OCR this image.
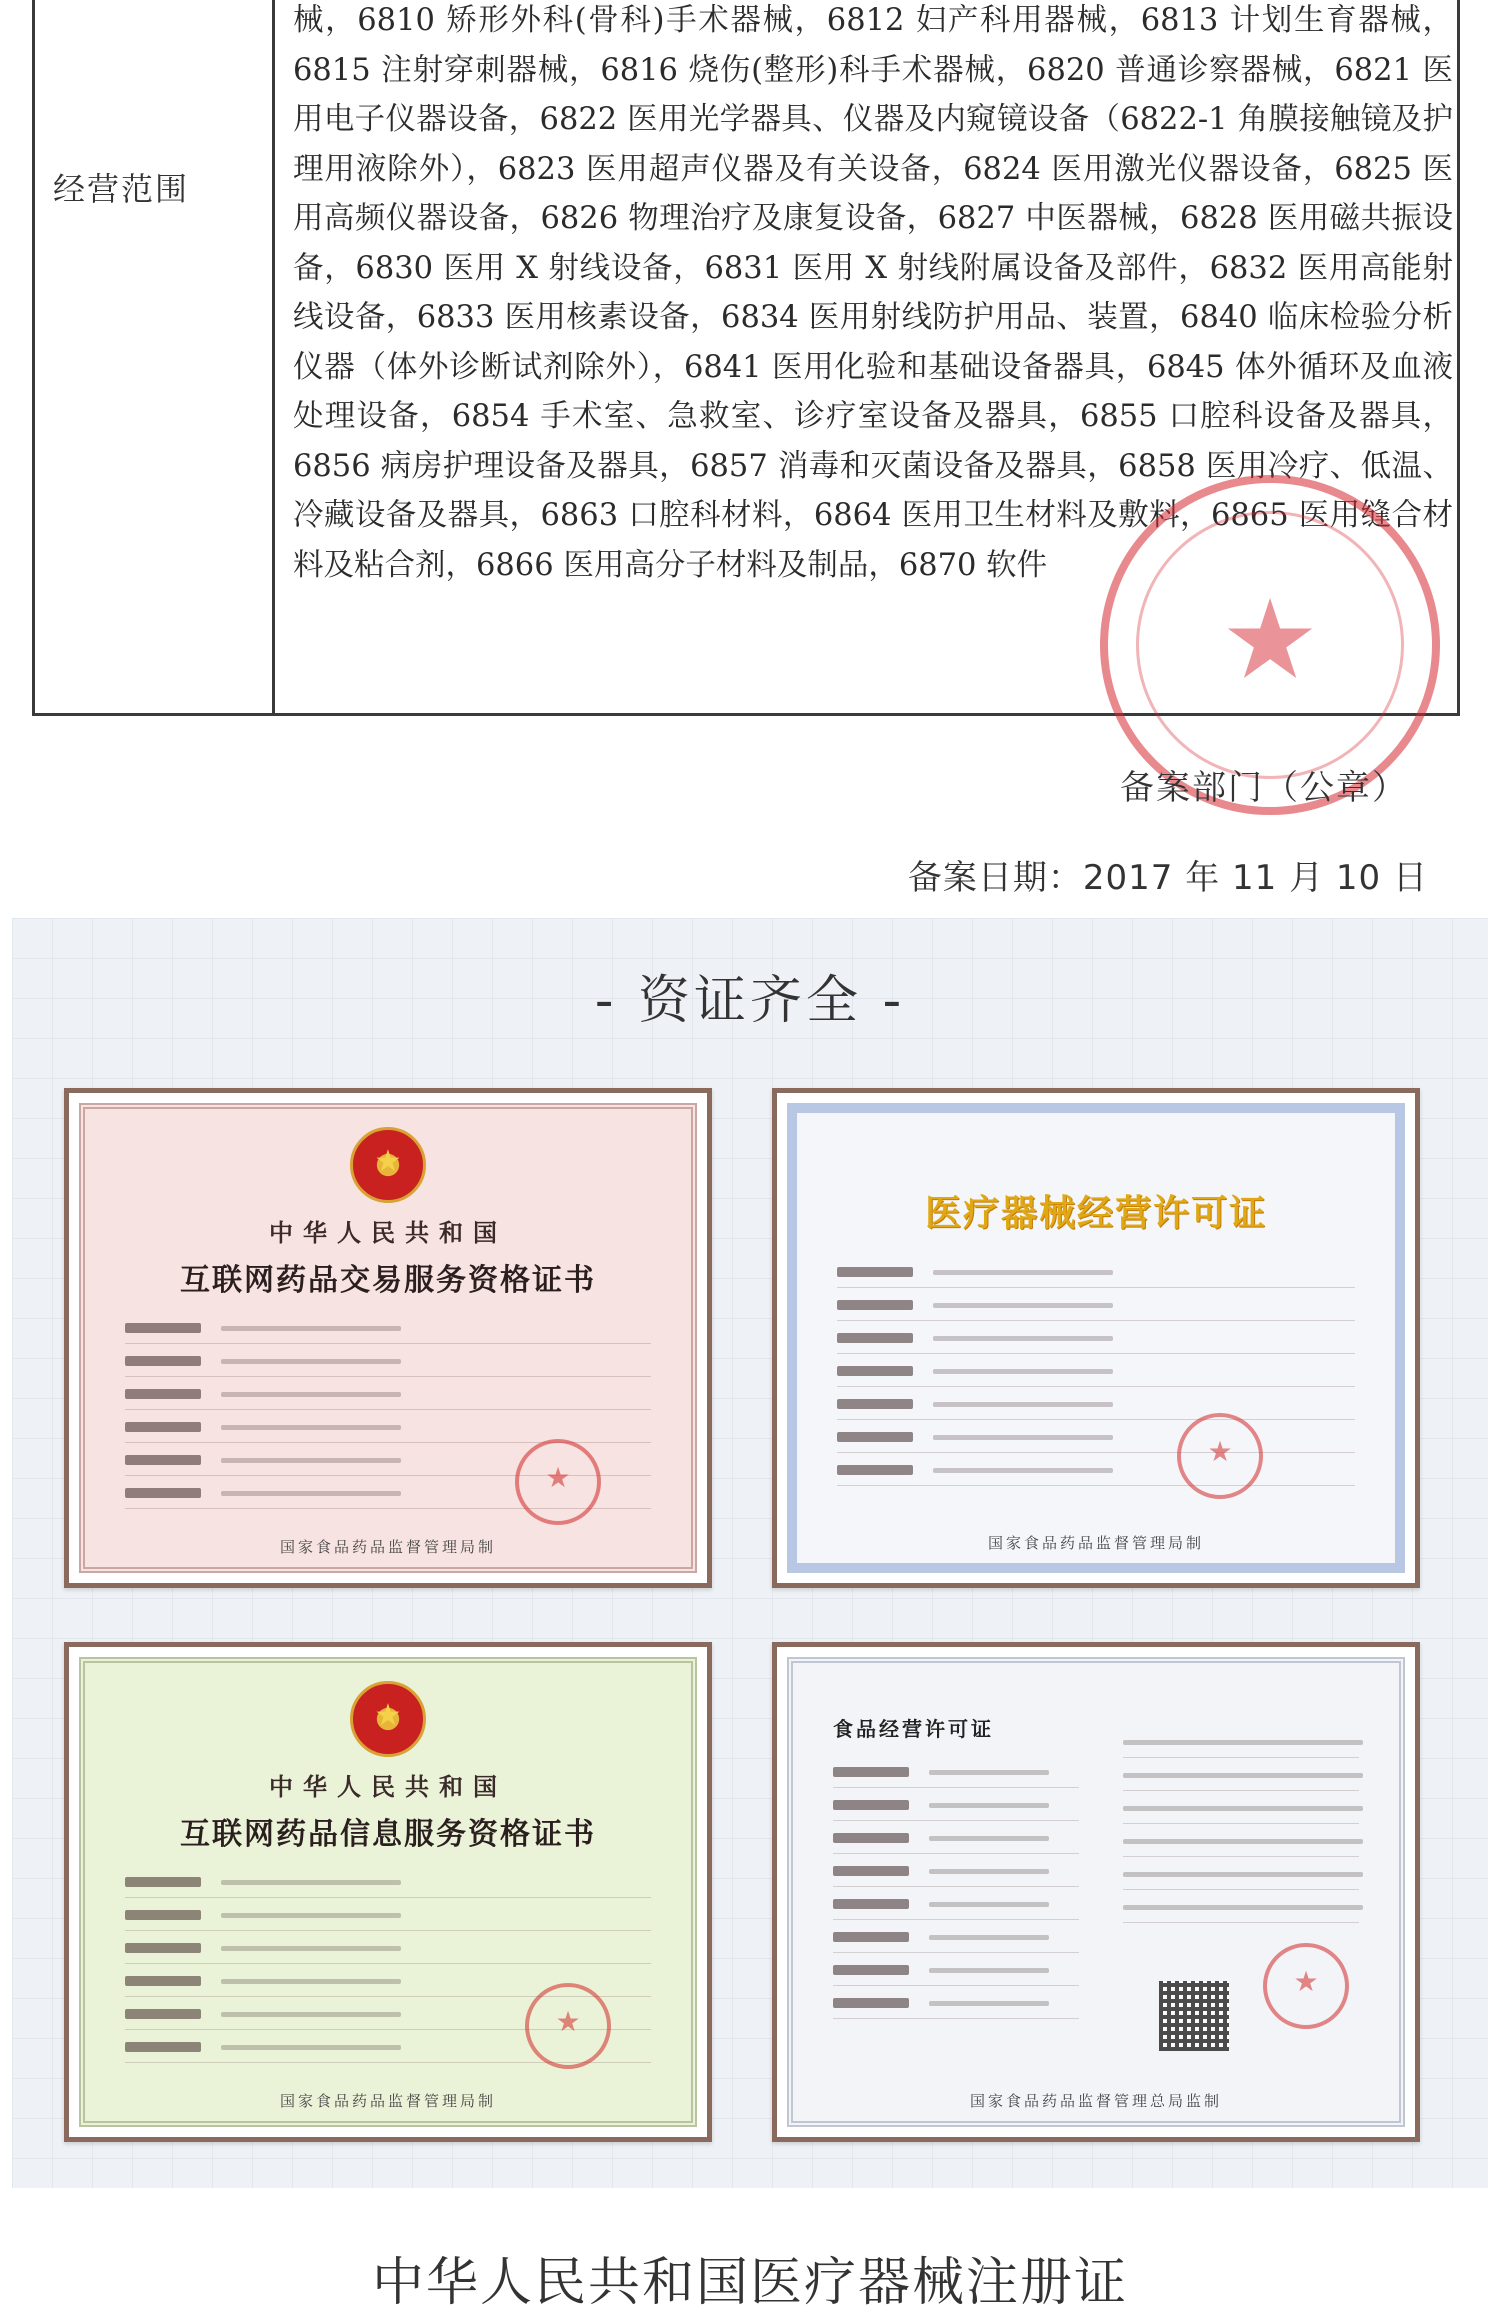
经营范围

械，6810 矫形外科(骨科)手术器械，6812 妇产科用器械，6813 计划生育器械，6815 注射穿刺器械，6816 烧伤(整形)科手术器械，6820 普通诊察器械，6821 医用电子仪器设备，6822 医用光学器具、仪器及内窥镜设备（6822-1 角膜接触镜及护理用液除外），6823 医用超声仪器及有关设备，6824 医用激光仪器设备，6825 医用高频仪器设备，6826 物理治疗及康复设备，6827 中医器械，6828 医用磁共振设备，6830 医用 X 射线设备，6831 医用 X 射线附属设备及部件，6832 医用高能射线设备，6833 医用核素设备，6834 医用射线防护用品、装置，6840 临床检验分析仪器（体外诊断试剂除外），6841 医用化验和基础设备器具，6845 体外循环及血液处理设备，6854 手术室、急救室、诊疗室设备及器具，6855 口腔科设备及器具，6856 病房护理设备及器具，6857 消毒和灭菌设备及器具，6858 医用冷疗、低温、冷藏设备及器具，6863 口腔科材料，6864 医用卫生材料及敷料，6865 医用缝合材料及粘合剂，6866 医用高分子材料及制品，6870 软件

★
备案部门（公章）
备案日期：2017 年 11 月 10 日
- 资证齐全 -
★
中华人民共和国
互联网药品交易服务资格证书
★
国家食品药品监督管理局制
医疗器械经营许可证
★
国家食品药品监督管理局制
★
中华人民共和国
互联网药品信息服务资格证书
★
国家食品药品监督管理局制
食品经营许可证
★
国家食品药品监督管理总局监制
中华人民共和国医疗器械注册证
